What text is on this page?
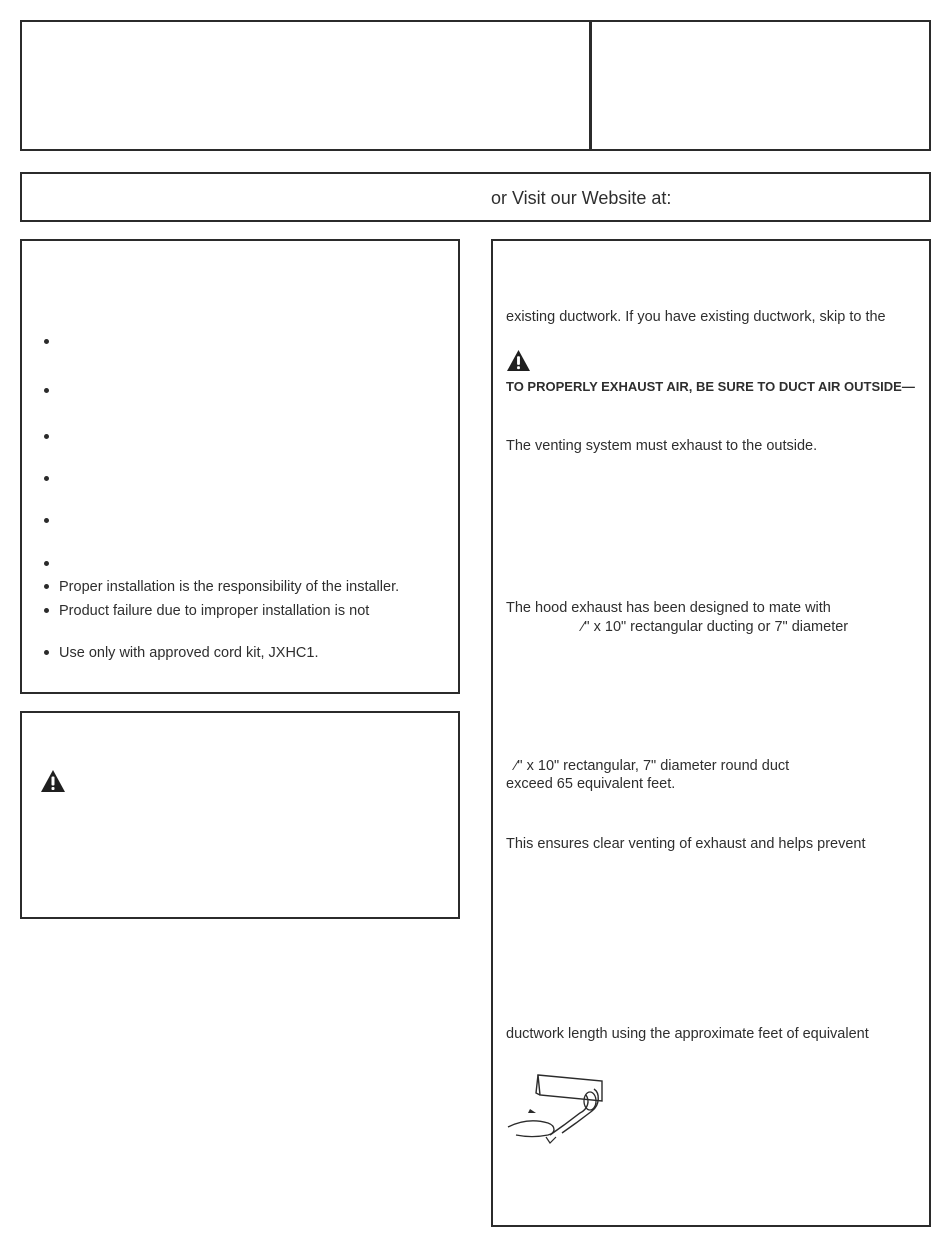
or Visit our Website at:
Proper installation is the responsibility of the installer.
Product failure due to improper installation is not
Use only with approved cord kit, JXHC1.
existing ductwork. If you have existing ductwork, skip to the
TO PROPERLY EXHAUST AIR, BE SURE TO DUCT AIR OUTSIDE—
The venting system must exhaust to the outside.
The hood exhaust has been designed to mate with
⁄" x 10" rectangular ducting or 7" diameter
⁄" x 10" rectangular, 7" diameter round duct
exceed 65 equivalent feet.
This ensures clear venting of exhaust and helps prevent
ductwork length using the approximate feet of equivalent
